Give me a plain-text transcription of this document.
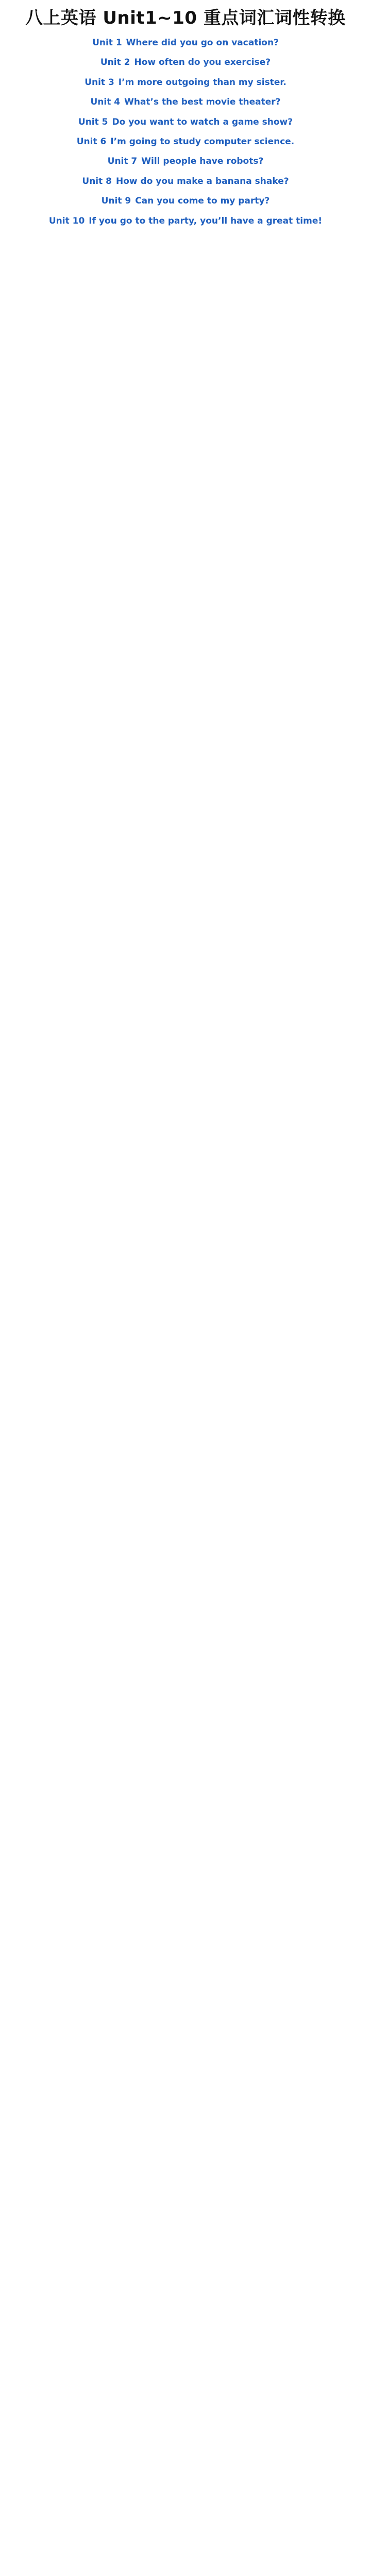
八上英语 Unit1~10 重点词汇词性转换
Unit 1 Where did you go on vacation?
Unit 2 How often do you exercise?
Unit 3 I’m more outgoing than my sister.
Unit 4 What’s the best movie theater?
Unit 5 Do you want to watch a game show?
Unit 6 I’m going to study computer science.
Unit 7 Will people have robots?
Unit 8 How do you make a banana shake?
Unit 9 Can you come to my party?
Unit 10 If you go to the party, you’ll have a great time!
